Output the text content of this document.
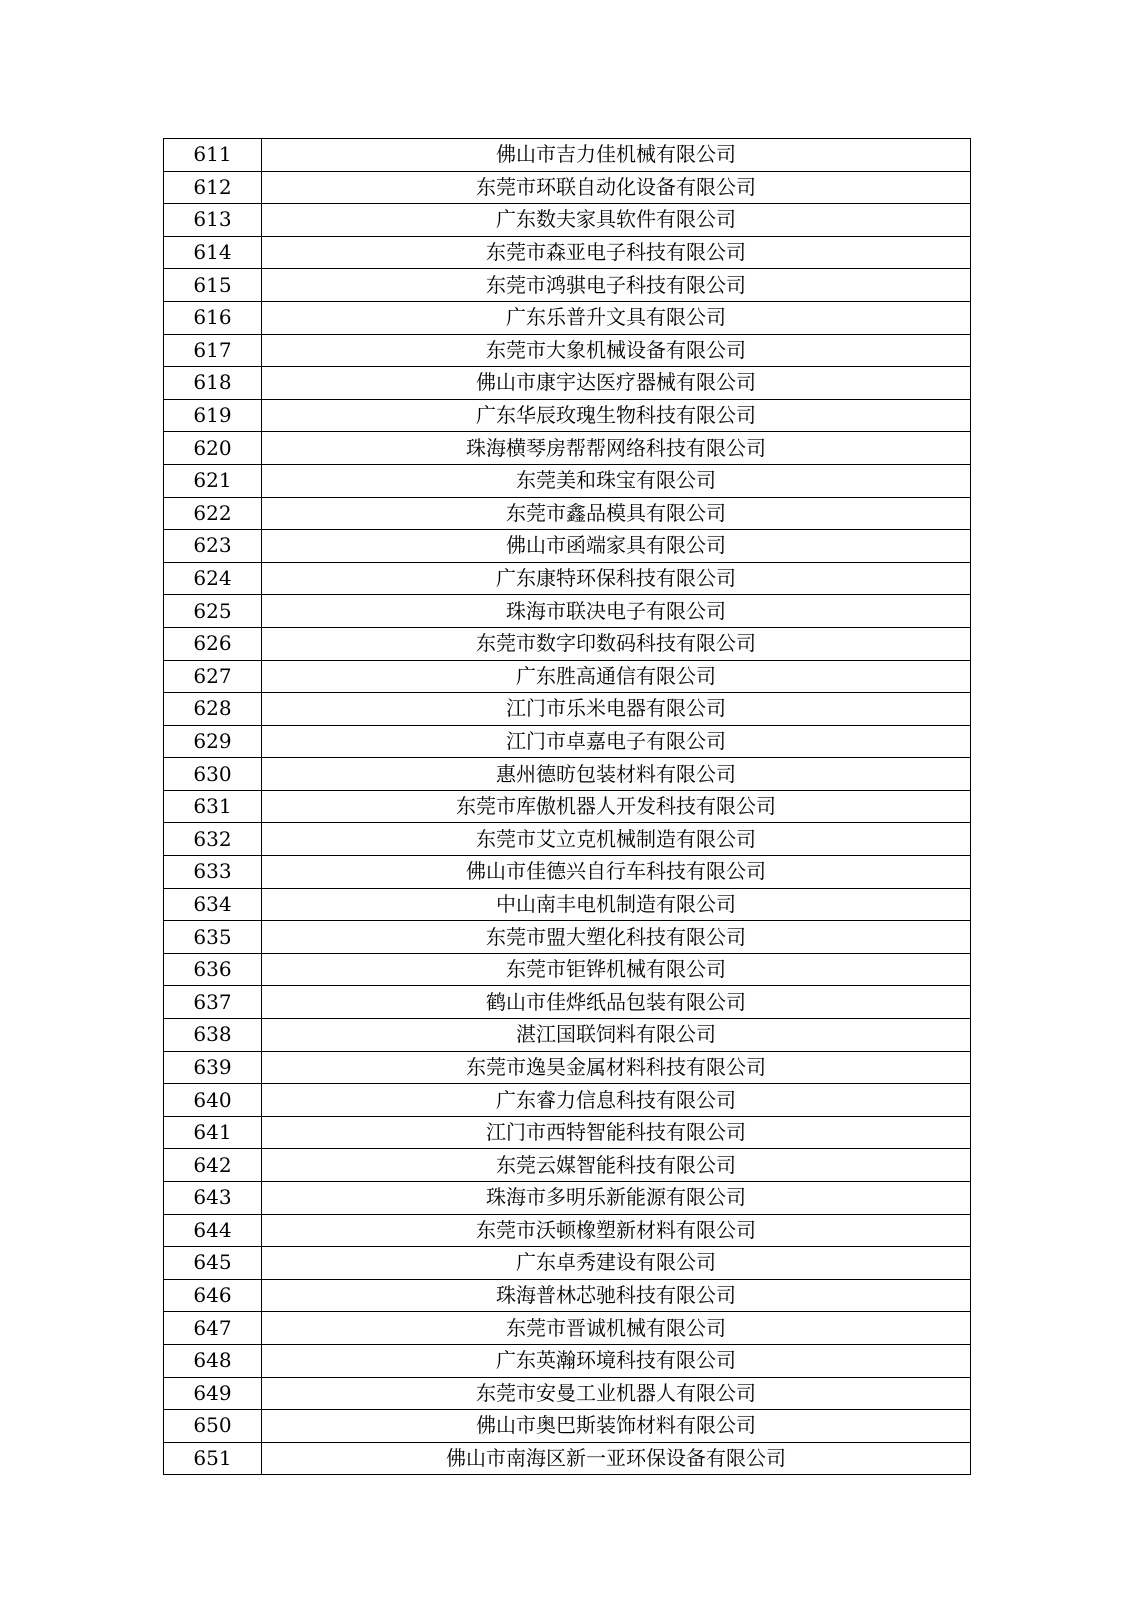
611	佛山市吉力佳机械有限公司
612	东莞市环联自动化设备有限公司
613	广东数夫家具软件有限公司
614	东莞市森亚电子科技有限公司
615	东莞市鸿骐电子科技有限公司
616	广东乐普升文具有限公司
617	东莞市大象机械设备有限公司
618	佛山市康宇达医疗器械有限公司
619	广东华辰玫瑰生物科技有限公司
620	珠海横琴房帮帮网络科技有限公司
621	东莞美和珠宝有限公司
622	东莞市鑫品模具有限公司
623	佛山市函端家具有限公司
624	广东康特环保科技有限公司
625	珠海市联决电子有限公司
626	东莞市数字印数码科技有限公司
627	广东胜高通信有限公司
628	江门市乐米电器有限公司
629	江门市卓嘉电子有限公司
630	惠州德昉包装材料有限公司
631	东莞市库傲机器人开发科技有限公司
632	东莞市艾立克机械制造有限公司
633	佛山市佳德兴自行车科技有限公司
634	中山南丰电机制造有限公司
635	东莞市盟大塑化科技有限公司
636	东莞市钜铧机械有限公司
637	鹤山市佳烨纸品包装有限公司
638	湛江国联饲料有限公司
639	东莞市逸昊金属材料科技有限公司
640	广东睿力信息科技有限公司
641	江门市西特智能科技有限公司
642	东莞云媒智能科技有限公司
643	珠海市多明乐新能源有限公司
644	东莞市沃顿橡塑新材料有限公司
645	广东卓秀建设有限公司
646	珠海普林芯驰科技有限公司
647	东莞市晋诚机械有限公司
648	广东英瀚环境科技有限公司
649	东莞市安曼工业机器人有限公司
650	佛山市奥巴斯装饰材料有限公司
651	佛山市南海区新一亚环保设备有限公司
